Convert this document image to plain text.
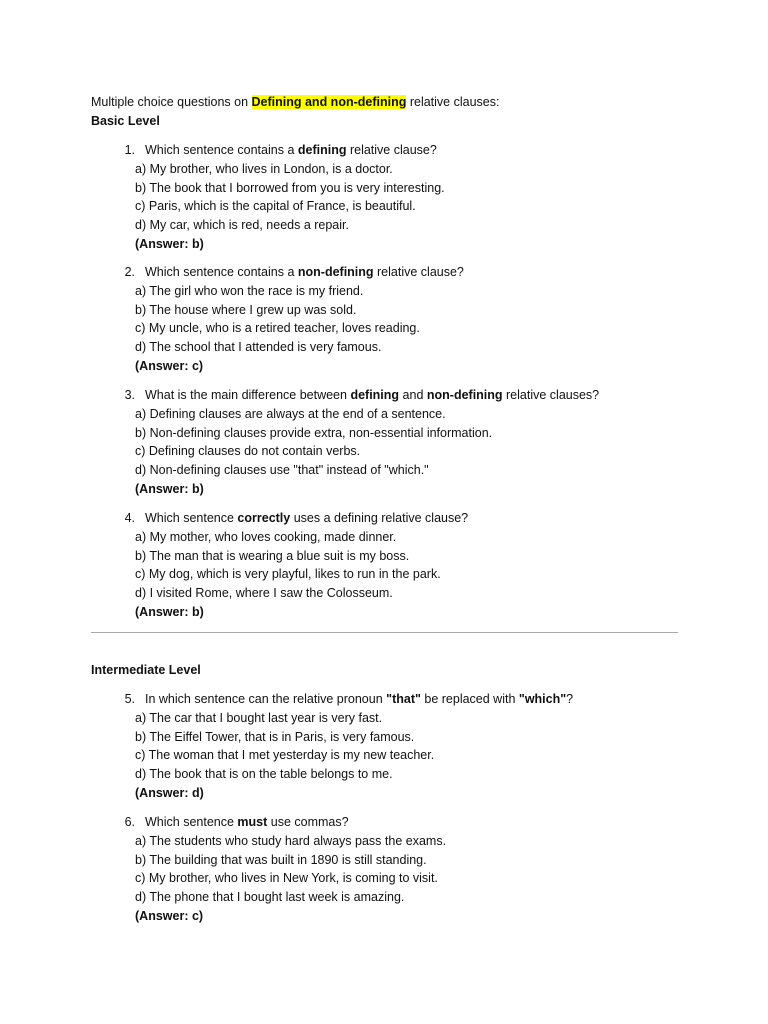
Multiple choice questions on Defining and non-defining relative clauses:
Basic Level
1. Which sentence contains a defining relative clause?
a) My brother, who lives in London, is a doctor.
b) The book that I borrowed from you is very interesting.
c) Paris, which is the capital of France, is beautiful.
d) My car, which is red, needs a repair.
(Answer: b)
2. Which sentence contains a non-defining relative clause?
a) The girl who won the race is my friend.
b) The house where I grew up was sold.
c) My uncle, who is a retired teacher, loves reading.
d) The school that I attended is very famous.
(Answer: c)
3. What is the main difference between defining and non-defining relative clauses?
a) Defining clauses are always at the end of a sentence.
b) Non-defining clauses provide extra, non-essential information.
c) Defining clauses do not contain verbs.
d) Non-defining clauses use "that" instead of "which."
(Answer: b)
4. Which sentence correctly uses a defining relative clause?
a) My mother, who loves cooking, made dinner.
b) The man that is wearing a blue suit is my boss.
c) My dog, which is very playful, likes to run in the park.
d) I visited Rome, where I saw the Colosseum.
(Answer: b)
Intermediate Level
5. In which sentence can the relative pronoun "that" be replaced with "which"?
a) The car that I bought last year is very fast.
b) The Eiffel Tower, that is in Paris, is very famous.
c) The woman that I met yesterday is my new teacher.
d) The book that is on the table belongs to me.
(Answer: d)
6. Which sentence must use commas?
a) The students who study hard always pass the exams.
b) The building that was built in 1890 is still standing.
c) My brother, who lives in New York, is coming to visit.
d) The phone that I bought last week is amazing.
(Answer: c)
